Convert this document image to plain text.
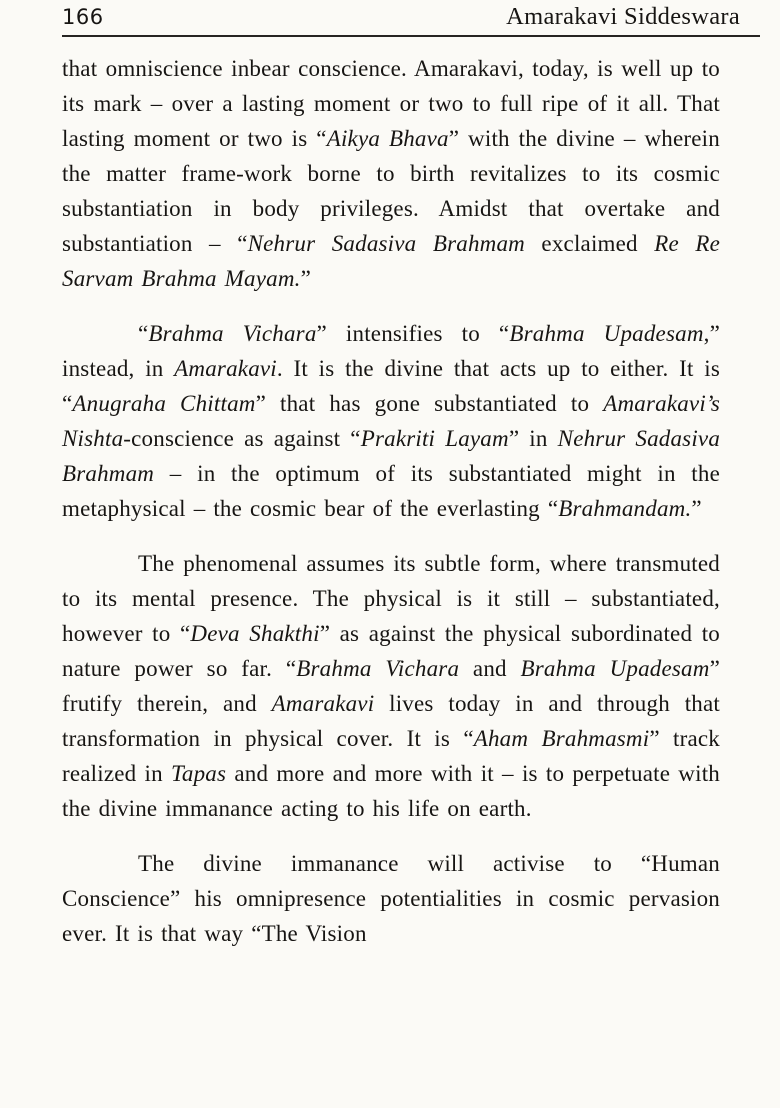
166	Amarakavi Siddeswara

that omniscience inbear conscience. Amarakavi, today, is well up to its mark – over a lasting moment or two to full ripe of it all. That lasting moment or two is “Aikya Bhava” with the divine – wherein the matter frame-work borne to birth revitalizes to its cosmic substantiation in body privileges. Amidst that overtake and substantiation – “Nehrur Sadasiva Brahmam exclaimed Re Re Sarvam Brahma Mayam.”

“Brahma Vichara” intensifies to “Brahma Upadesam,” instead, in Amarakavi. It is the divine that acts up to either. It is “Anugraha Chittam” that has gone substantiated to Amarakavi’s Nishta-conscience as against “Prakriti Layam” in Nehrur Sadasiva Brahmam – in the optimum of its substantiated might in the metaphysical – the cosmic bear of the everlasting “Brahmandam.”

The phenomenal assumes its subtle form, where transmuted to its mental presence. The physical is it still – substantiated, however to “Deva Shakthi” as against the physical subordinated to nature power so far. “Brahma Vichara and Brahma Upadesam” frutify therein, and Amarakavi lives today in and through that transformation in physical cover. It is “Aham Brahmasmi” track realized in Tapas and more and more with it – is to perpetuate with the divine immanance acting to his life on earth.

The divine immanance will activise to “Human Conscience” his omnipresence potentialities in cosmic pervasion ever. It is that way “The Vision
